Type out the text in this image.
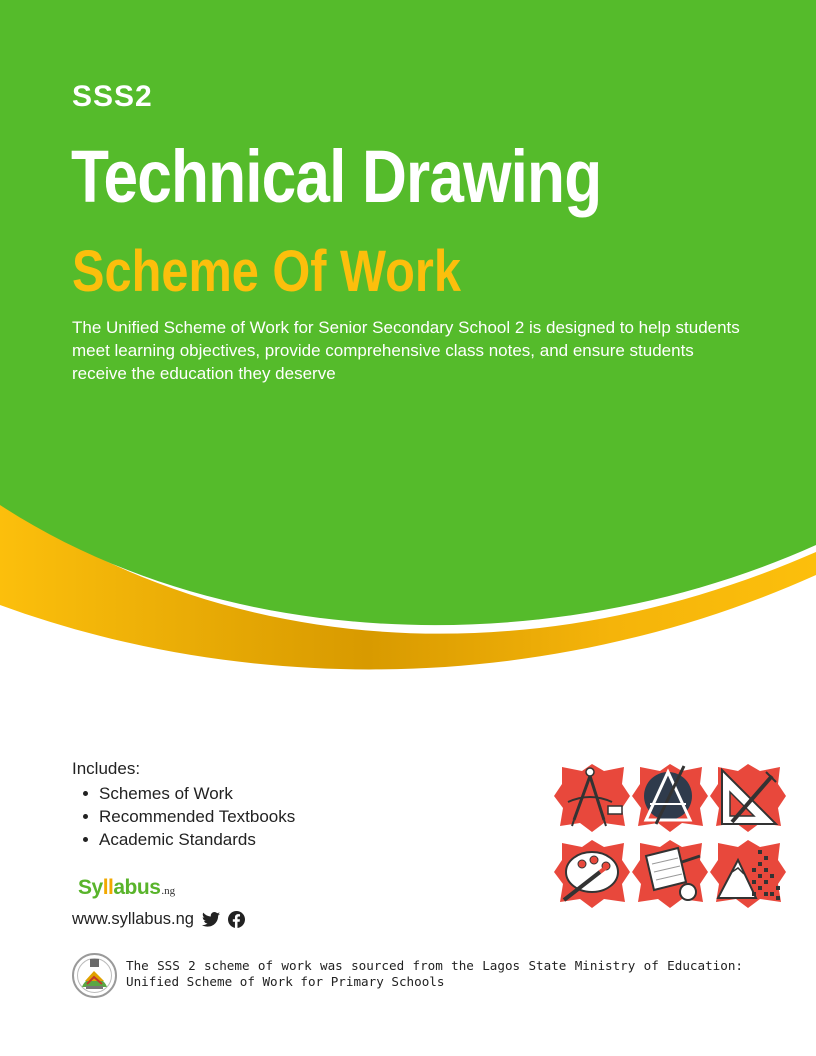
SSS2
Technical Drawing
Scheme Of Work
The Unified Scheme of Work for Senior Secondary School 2 is designed to help students meet learning objectives, provide comprehensive class notes, and ensure students receive the education they deserve
Includes:
Schemes of Work
Recommended Textbooks
Academic Standards
Syllabus .ng
www.syllabus.ng
The SSS 2 scheme of work was sourced from the Lagos State Ministry of Education: Unified Scheme of Work for Primary Schools
